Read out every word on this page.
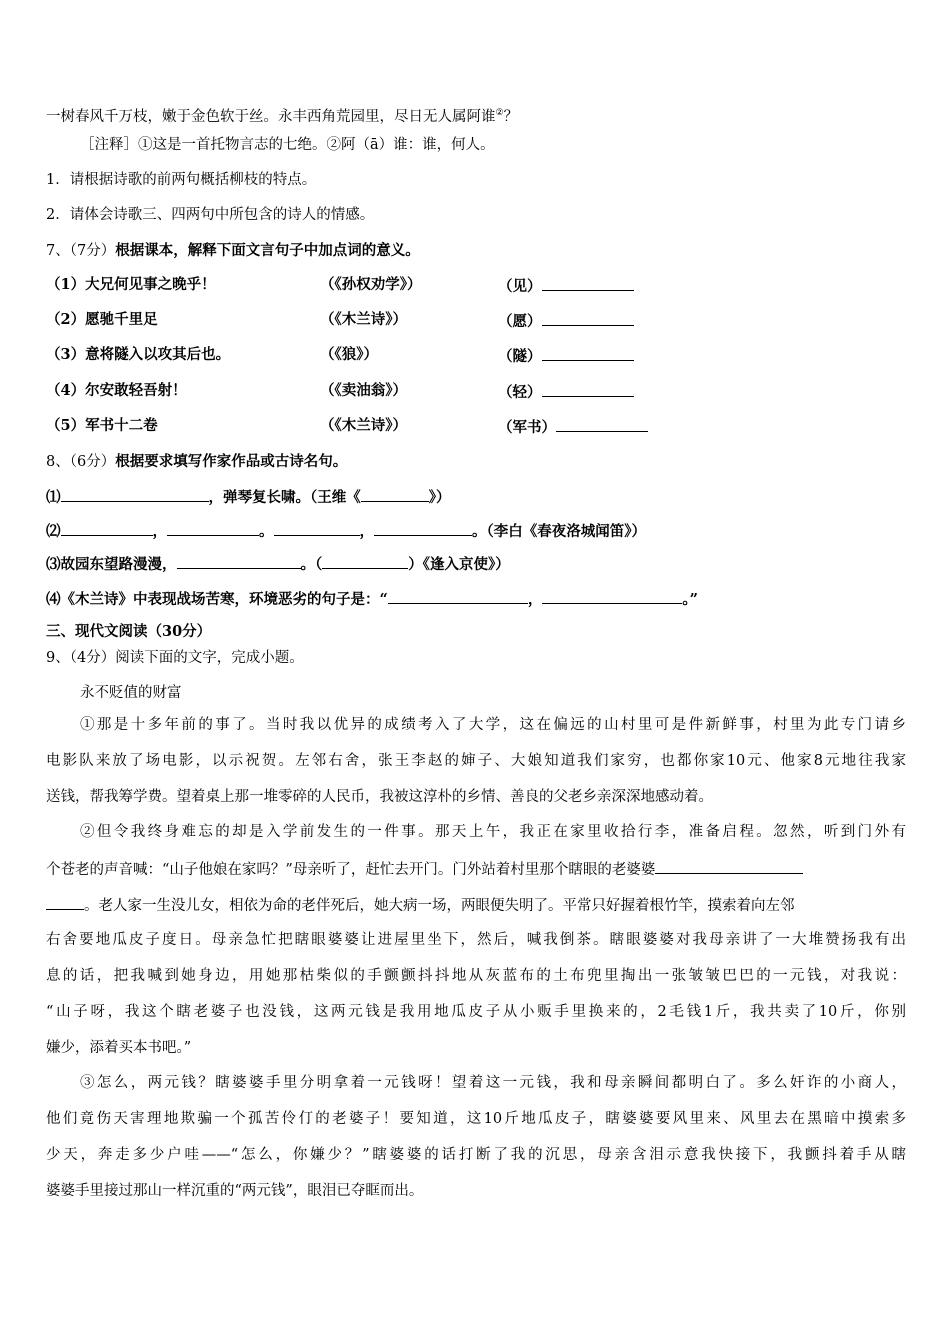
一树春风千万枝，嫩于金色软于丝。永丰西角荒园里，尽日无人属阿谁②？
［注释］①这是一首托物言志的七绝。②阿（ā）谁：谁，何人。
1．请根据诗歌的前两句概括柳枝的特点。
2．请体会诗歌三、四两句中所包含的诗人的情感。
7、（7分）根据课本，解释下面文言句子中加点词的意义。
（1）大兄何见事之晚乎！	（《孙权劝学》）	（见）
（2）愿驰千里足	（《木兰诗》）	（愿）
（3）意将隧入以攻其后也。	（《狼》）	（隧）
（4）尔安敢轻吾射！	（《卖油翁》）	（轻）
（5）军书十二卷	（《木兰诗》）	（军书）
8、（6分）根据要求填写作家作品或古诗名句。
⑴	，弹琴复长啸。（王维《	》）
⑵	，	。	，	。（李白《春夜洛城闻笛》）
⑶故园东望路漫漫，	。（	）《逢入京使》）
⑷《木兰诗》中表现战场苦寒，环境恶劣的句子是：“	，	。”
三、现代文阅读（30分）
9、（4分）阅读下面的文字，完成小题。
永不贬值的财富
①那是十多年前的事了。当时我以优异的成绩考入了大学，这在偏远的山村里可是件新鲜事，村里为此专门请乡
电影队来放了场电影，以示祝贺。左邻右舍，张王李赵的婶子、大娘知道我们家穷，也都你家10元、他家8元地往我家
送钱，帮我筹学费。望着桌上那一堆零碎的人民币，我被这淳朴的乡情、善良的父老乡亲深深地感动着。
②但令我终身难忘的却是入学前发生的一件事。那天上午，我正在家里收拾行李，准备启程。忽然，听到门外有
个苍老的声音喊：“山子他娘在家吗？”母亲听了，赶忙去开门。门外站着村里那个瞎眼的老婆婆
。老人家一生没儿女，相依为命的老伴死后，她大病一场，两眼便失明了。平常只好握着根竹竿，摸索着向左邻
右舍要地瓜皮子度日。母亲急忙把瞎眼婆婆让进屋里坐下，然后，喊我倒茶。瞎眼婆婆对我母亲讲了一大堆赞扬我有出
息的话，把我喊到她身边，用她那枯柴似的手颤颤抖抖地从灰蓝布的土布兜里掏出一张皱皱巴巴的一元钱，对我说：
“山子呀，我这个瞎老婆子也没钱，这两元钱是我用地瓜皮子从小贩手里换来的，2毛钱1斤，我共卖了10斤，你别
嫌少，添着买本书吧。”
③怎么，两元钱？瞎婆婆手里分明拿着一元钱呀！望着这一元钱，我和母亲瞬间都明白了。多么奸诈的小商人，
他们竟伤天害理地欺骗一个孤苦伶仃的老婆子！要知道，这10斤地瓜皮子，瞎婆婆要风里来、风里去在黑暗中摸索多
少天，奔走多少户哇——“怎么，你嫌少？”瞎婆婆的话打断了我的沉思，母亲含泪示意我快接下，我颤抖着手从瞎
婆婆手里接过那山一样沉重的“两元钱”，眼泪已夺眶而出。
